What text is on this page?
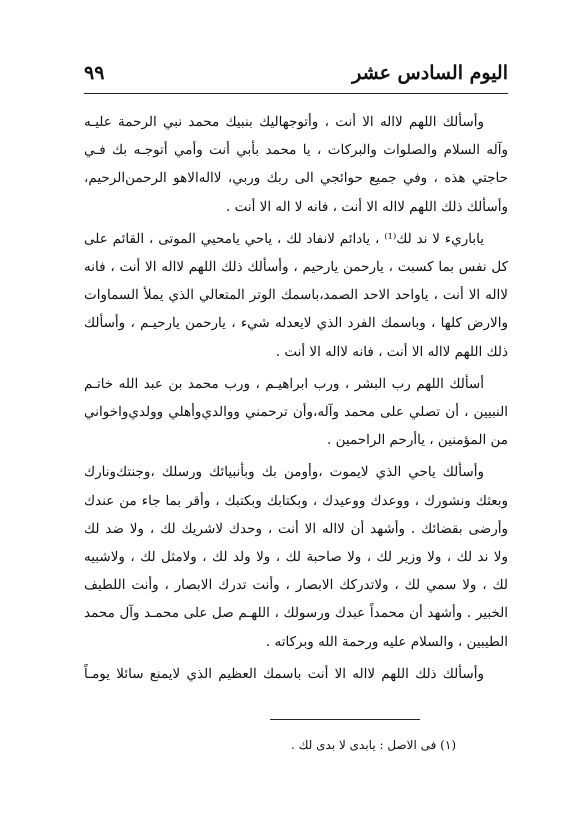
اليوم السادس عشر
٩٩

وأسألك اللهم لااله الا أنت ، وأتوجهاليك بنبيك محمد نبي الرحمة عليـه
وآله السلام والصلوات والبركات ، يا محمد بأبي أنت وأمي أتوجـه بك فـي
حاجتي هذه ، وفي جميع حوائجي الى ربك وربي، لااله‌الاهو الرحمن‌الرحيم،
وأسألك ذلك اللهم لااله الا أنت ، فانه لا اله الا أنت .

ياباريء لا ند لك⁽¹⁾ ، يادائم لانفاد لك ، ياحي يامحيي الموتى ، القائم على
كل نفس بما كسبت ، يارحمن يارحيم ، وأسألك ذلك اللهم لااله الا أنت ، فانه
لااله الا أنت ، ياواحد الاحد الصمد،باسمك الوتر المتعالي الذي يملأ السماوات
والارض كلها ، وباسمك الفرد الذي لايعدله شيء ، يارحمن يارحيـم ، وأسألك
ذلك اللهم لااله الا أنت ، فانه لااله الا أنت .

أسألك اللهم رب البشر ، ورب ابراهيـم ، ورب محمد بن عبد الله خاتـم
النبيين ، أن تصلي على محمد وآله،وأن ترحمني ووالدي‌وأهلي وولدي‌واخواني
من المؤمنين ، ياأرحم الراحمين .

وأسألك ياحي الذي لايموت ،وأومن بك وبأنبيائك ورسلك ،وجنتك‌ونارك
وبعثك ونشورك ، ووعدك ووعيدك ، وبكتابك وبكتبك ، وأقر بما جاء من عندك
وأرضى بقضائك . وأشهد أن لااله الا أنت ، وحدك لاشريك لك ، ولا ضد لك
ولا ند لك ، ولا وزير لك ، ولا صاحبة لك ، ولا ولد لك ، ولامثل لك ، ولاشبيه
لك ، ولا سمي لك ، ولاتدركك الابصار ، وأنت تدرك الابصار ، وأنت اللطيف
الخبير . وأشهد أن محمداً عبدك ورسولك ، اللهـم صل على محمـد وآل محمد
الطيبين ، والسلام عليه ورحمة الله وبركاته .

وأسألك ذلك اللهم لااله الا أنت باسمك العظيم الذي لايمنع سائلا يومـاً

(١) فى الاصل : يابدى لا بدى لك .
